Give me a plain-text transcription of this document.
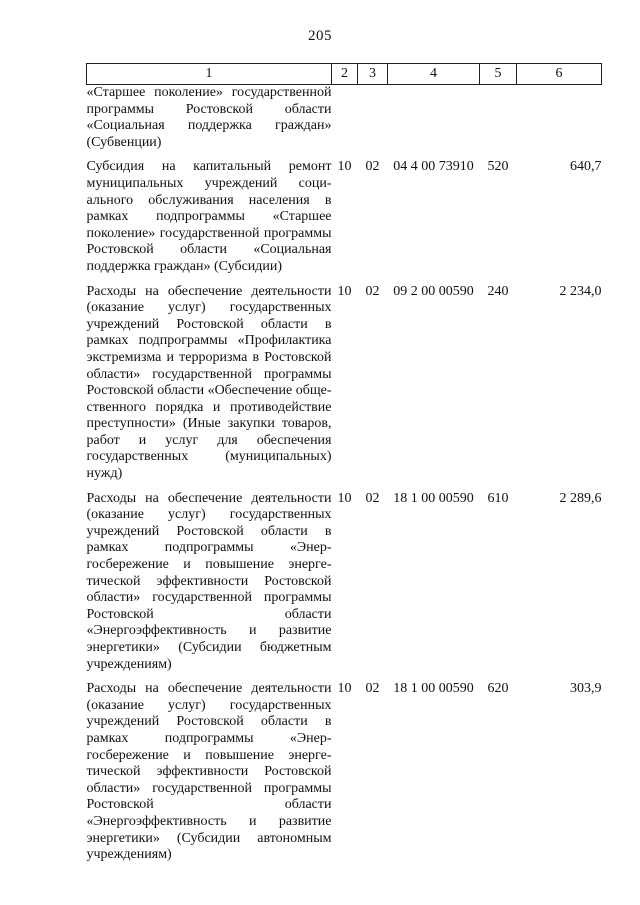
205
1	2	3	4	5	6
«Старшее поколение» государственной программы Ростовской области «Социальная поддержка граждан» (Субвенции)					
Субсидия на капитальный ремонт муниципальных учреждений социального обслуживания населения в рамках подпрограммы «Старшее поколение» государственной программы Ростовской области «Социальная поддержка граждан» (Субсидии)	10	02	04 4 00 73910	520	640,7
Расходы на обеспечение деятельности (оказание услуг) государственных учреждений Ростовской области в рамках подпрограммы «Профилактика экстремизма и терроризма в Ростовской области» государственной программы Ростовской области «Обеспечение общественного порядка и противодействие преступности» (Иные закупки товаров, работ и услуг для обеспечения государственных (муниципальных) нужд)	10	02	09 2 00 00590	240	2 234,0
Расходы на обеспечение деятельности (оказание услуг) государственных учреждений Ростовской области в рамках подпрограммы «Энергосбережение и повышение энергетической эффективности Ростовской области» государственной программы Ростовской области «Энергоэффективность и развитие энергетики» (Субсидии бюджетным учреждениям)	10	02	18 1 00 00590	610	2 289,6
Расходы на обеспечение деятельности (оказание услуг) государственных учреждений Ростовской области в рамках подпрограммы «Энергосбережение и повышение энергетической эффективности Ростовской области» государственной программы Ростовской области «Энергоэффективность и развитие энергетики» (Субсидии автономным учреждениям)	10	02	18 1 00 00590	620	303,9
